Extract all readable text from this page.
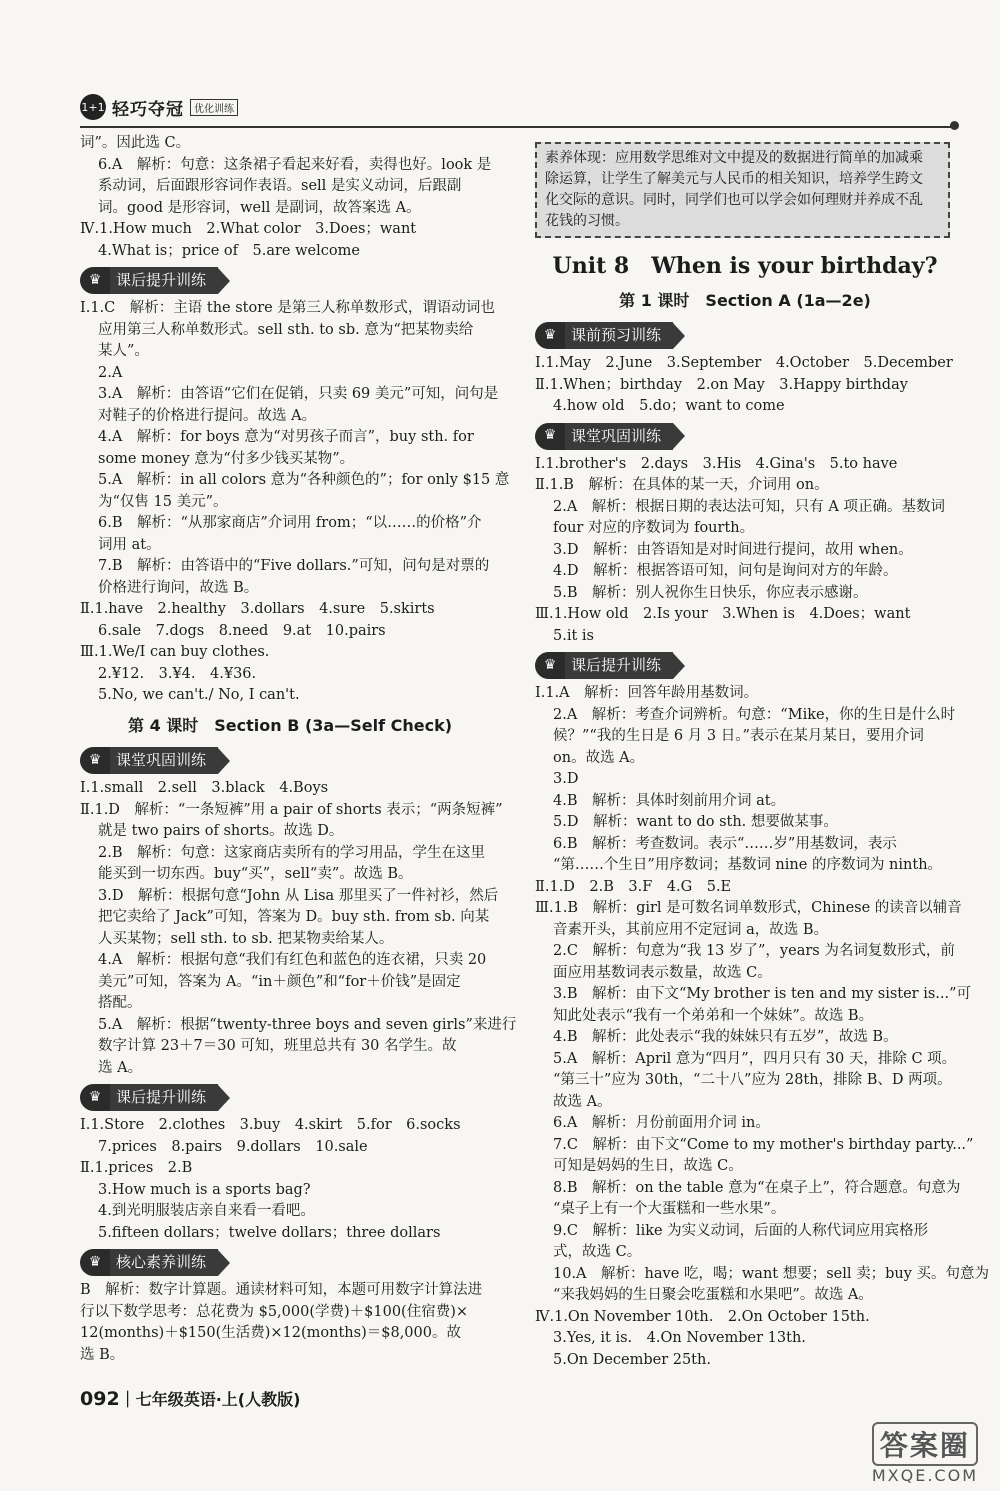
1+1 轻巧夺冠	优化训练
词”。因此选 C。
6.A　解析：句意：这条裙子看起来好看，卖得也好。look 是
系动词，后面跟形容词作表语。sell 是实义动词，后跟副
词。good 是形容词，well 是副词，故答案选 A。
Ⅳ.1.How much　2.What color　3.Does；want
4.What is；price of　5.are welcome
♛ 课后提升训练
Ⅰ.1.C　解析：主语 the store 是第三人称单数形式，谓语动词也
应用第三人称单数形式。sell sth. to sb. 意为“把某物卖给
某人”。
2.A
3.A　解析：由答语“它们在促销，只卖 69 美元”可知，问句是
对鞋子的价格进行提问。故选 A。
4.A　解析：for boys 意为“对男孩子而言”，buy sth. for
some money 意为“付多少钱买某物”。
5.A　解析：in all colors 意为“各种颜色的”；for only $15 意
为“仅售 15 美元”。
6.B　解析：“从那家商店”介词用 from；“以……的价格”介
词用 at。
7.B　解析：由答语中的“Five dollars.”可知，问句是对票的
价格进行询问，故选 B。
Ⅱ.1.have　2.healthy　3.dollars　4.sure　5.skirts
6.sale　7.dogs　8.need　9.at　10.pairs
Ⅲ.1.We/I can buy clothes.
2.¥12.　3.¥4.　4.¥36.
5.No, we can't./ No, I can't.
第 4 课时　Section B (3a—Self Check)
♛ 课堂巩固训练
Ⅰ.1.small　2.sell　3.black　4.Boys
Ⅱ.1.D　解析：“一条短裤”用 a pair of shorts 表示；“两条短裤”
就是 two pairs of shorts。故选 D。
2.B　解析：句意：这家商店卖所有的学习用品，学生在这里
能买到一切东西。buy“买”，sell“卖”。故选 B。
3.D　解析：根据句意“John 从 Lisa 那里买了一件衬衫，然后
把它卖给了 Jack”可知，答案为 D。buy sth. from sb. 向某
人买某物；sell sth. to sb. 把某物卖给某人。
4.A　解析：根据句意“我们有红色和蓝色的连衣裙，只卖 20
美元”可知，答案为 A。“in＋颜色”和“for＋价钱”是固定
搭配。
5.A　解析：根据“twenty-three boys and seven girls”来进行
数字计算 23＋7＝30 可知，班里总共有 30 名学生。故
选 A。
♛ 课后提升训练
Ⅰ.1.Store　2.clothes　3.buy　4.skirt　5.for　6.socks
7.prices　8.pairs　9.dollars　10.sale
Ⅱ.1.prices　2.B
3.How much is a sports bag?
4.到光明服装店亲自来看一看吧。
5.fifteen dollars；twelve dollars；three dollars
♛ 核心素养训练
B　解析：数字计算题。通读材料可知，本题可用数字计算法进
行以下数学思考：总花费为 $5,000(学费)＋$100(住宿费)×
12(months)＋$150(生活费)×12(months)＝$8,000。故
选 B。
素养体现：应用数学思维对文中提及的数据进行简单的加减乘
除运算，让学生了解美元与人民币的相关知识，培养学生跨文
化交际的意识。同时，同学们也可以学会如何理财并养成不乱
花钱的习惯。
Unit 8　When is your birthday?
第 1 课时　Section A (1a—2e)
♛ 课前预习训练
Ⅰ.1.May　2.June　3.September　4.October　5.December
Ⅱ.1.When；birthday　2.on May　3.Happy birthday
4.how old　5.do；want to come
♛ 课堂巩固训练
Ⅰ.1.brother's　2.days　3.His　4.Gina's　5.to have
Ⅱ.1.B　解析：在具体的某一天，介词用 on。
2.A　解析：根据日期的表达法可知，只有 A 项正确。基数词
four 对应的序数词为 fourth。
3.D　解析：由答语知是对时间进行提问，故用 when。
4.D　解析：根据答语可知，问句是询问对方的年龄。
5.B　解析：别人祝你生日快乐，你应表示感谢。
Ⅲ.1.How old　2.Is your　3.When is　4.Does；want
5.it is
♛ 课后提升训练
Ⅰ.1.A　解析：回答年龄用基数词。
2.A　解析：考查介词辨析。句意：“Mike，你的生日是什么时
候？”“我的生日是 6 月 3 日。”表示在某月某日，要用介词
on。故选 A。
3.D
4.B　解析：具体时刻前用介词 at。
5.D　解析：want to do sth. 想要做某事。
6.B　解析：考查数词。表示“……岁”用基数词，表示
“第……个生日”用序数词；基数词 nine 的序数词为 ninth。
Ⅱ.1.D　2.B　3.F　4.G　5.E
Ⅲ.1.B　解析：girl 是可数名词单数形式，Chinese 的读音以辅音
音素开头，其前应用不定冠词 a，故选 B。
2.C　解析：句意为“我 13 岁了”，years 为名词复数形式，前
面应用基数词表示数量，故选 C。
3.B　解析：由下文“My brother is ten and my sister is...”可
知此处表示“我有一个弟弟和一个妹妹”。故选 B。
4.B　解析：此处表示“我的妹妹只有五岁”，故选 B。
5.A　解析：April 意为“四月”，四月只有 30 天，排除 C 项。
“第三十”应为 30th，“二十八”应为 28th，排除 B、D 两项。
故选 A。
6.A　解析：月份前面用介词 in。
7.C　解析：由下文“Come to my mother's birthday party...”
可知是妈妈的生日，故选 C。
8.B　解析：on the table 意为“在桌子上”，符合题意。句意为
“桌子上有一个大蛋糕和一些水果”。
9.C　解析：like 为实义动词，后面的人称代词应用宾格形
式，故选 C。
10.A　解析：have 吃，喝；want 想要；sell 卖；buy 买。句意为
“来我妈妈的生日聚会吃蛋糕和水果吧”。故选 A。
Ⅳ.1.On November 10th.　2.On October 15th.
3.Yes, it is.　4.On November 13th.
5.On December 25th.
092｜七年级英语·上(人教版)
答案圈
MXQE.COM
